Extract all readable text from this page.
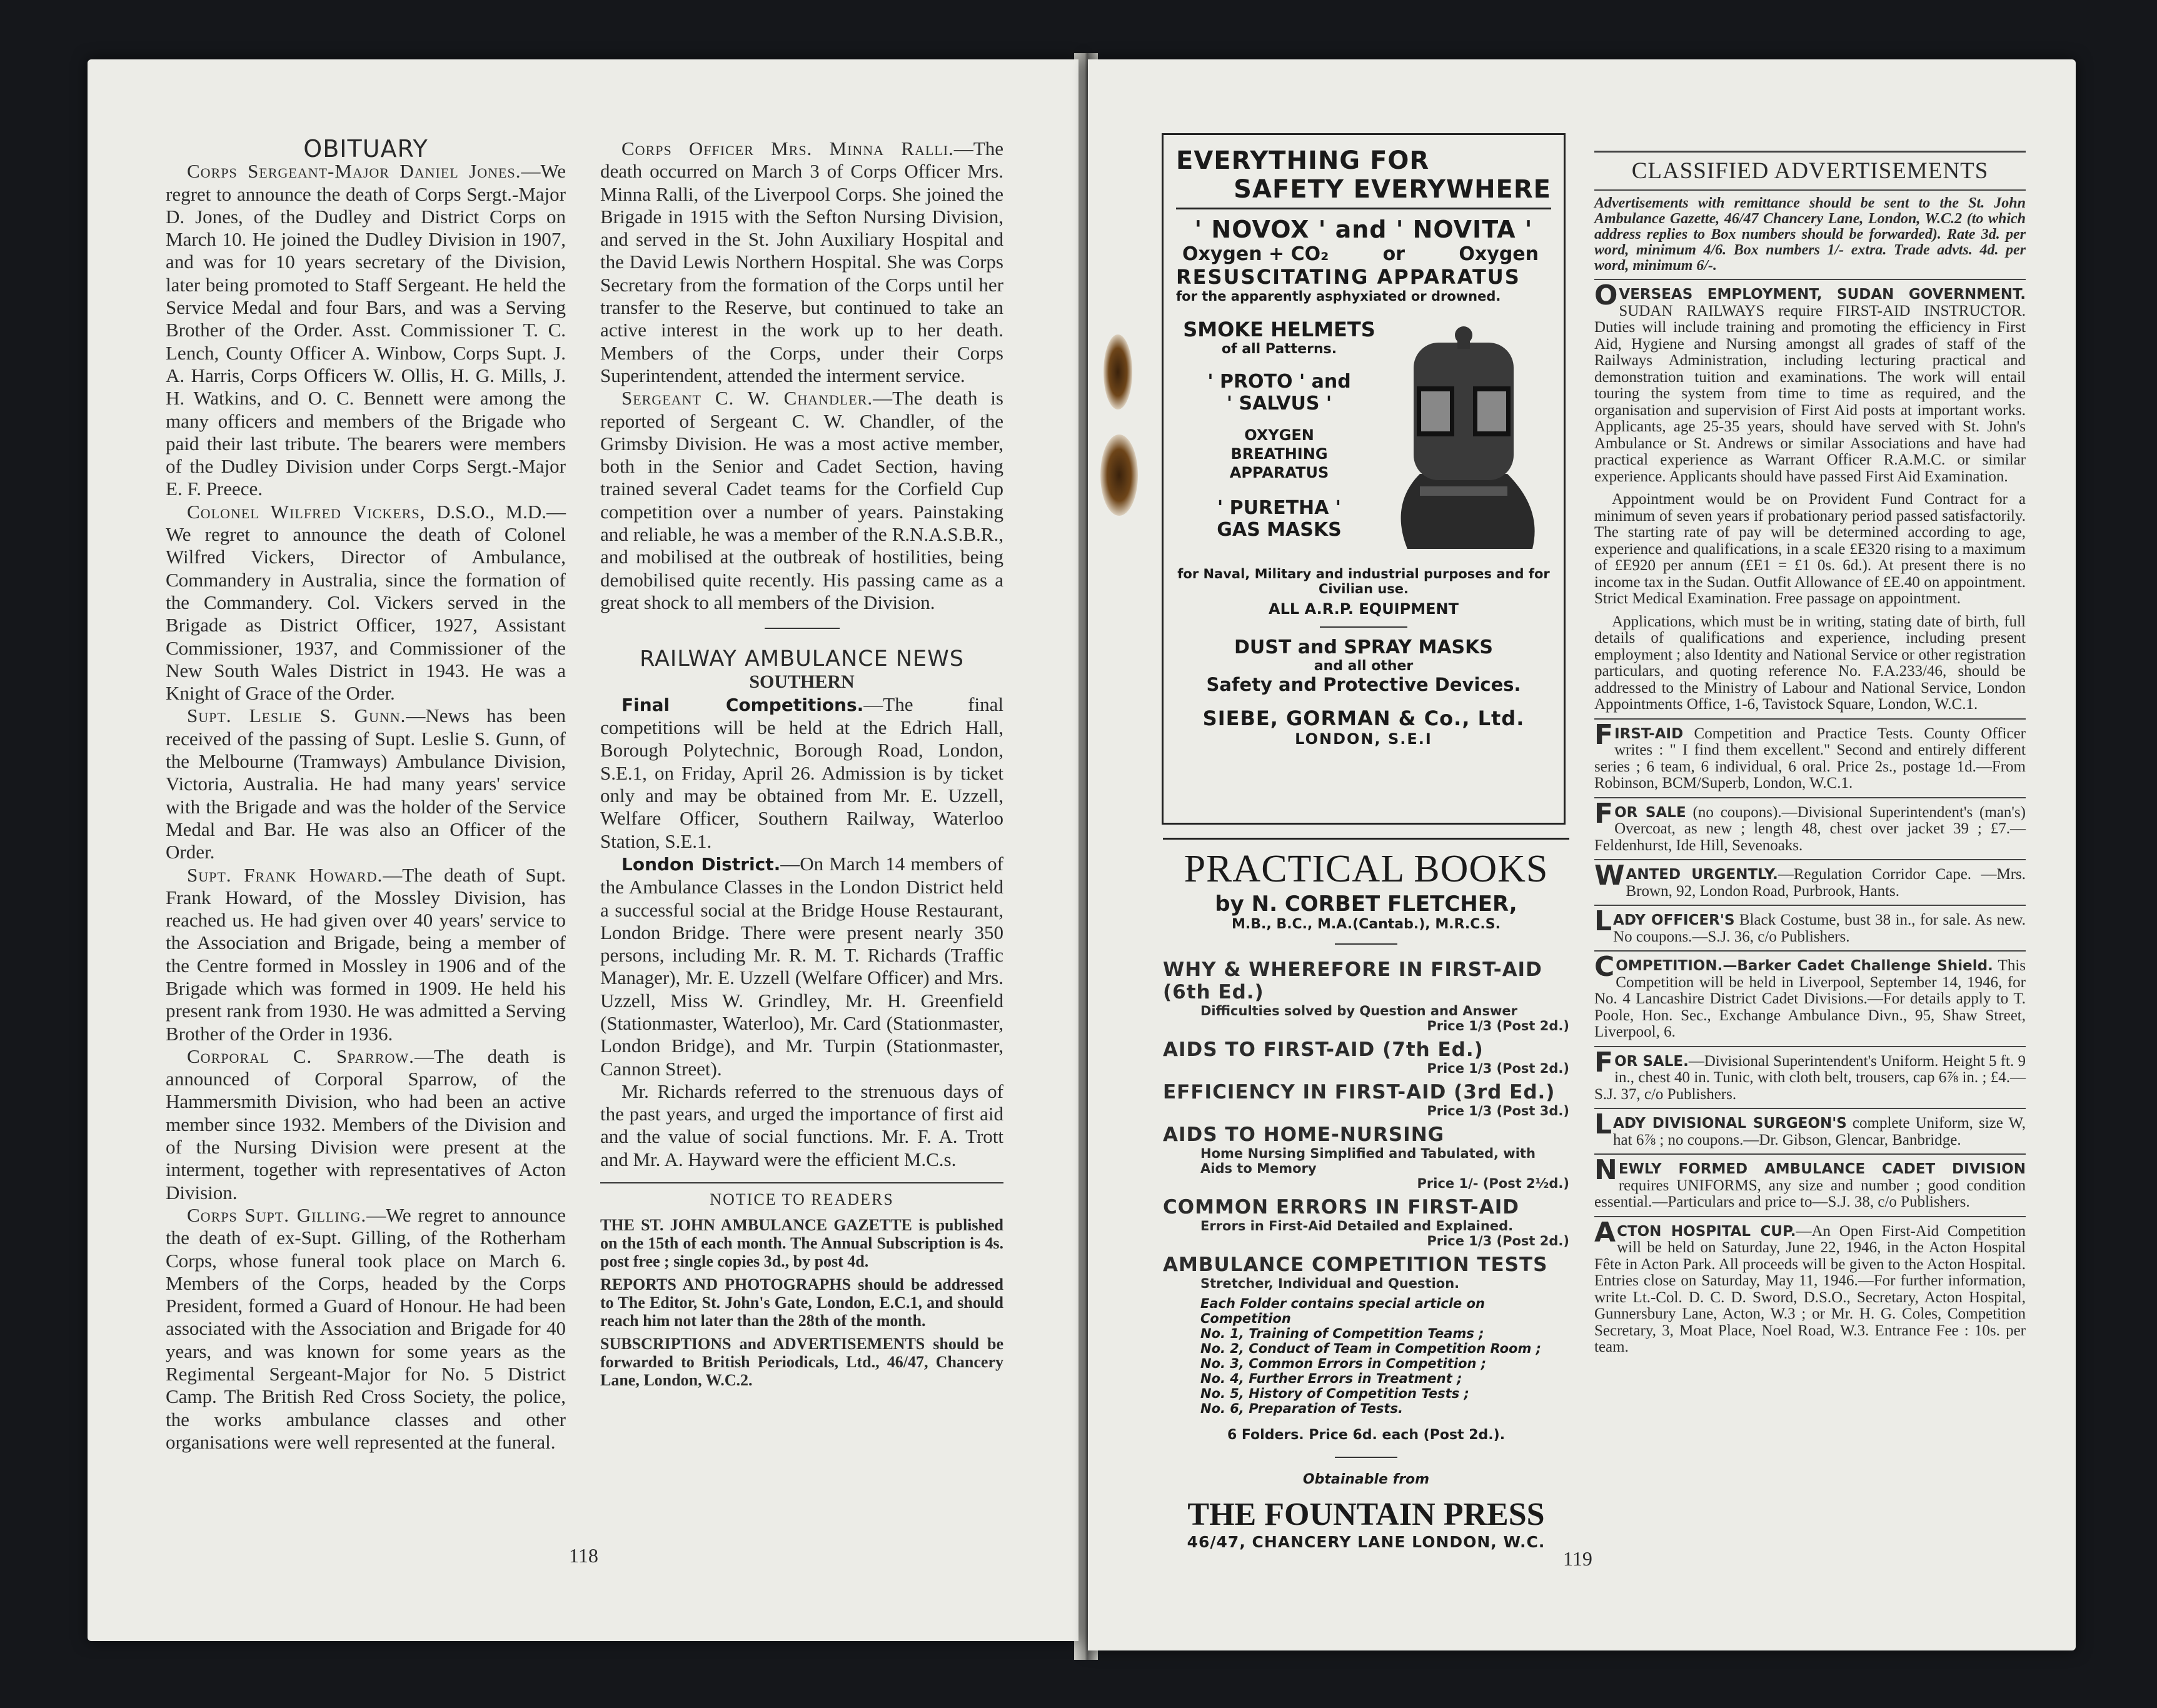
OBITUARY

Corps Sergeant-Major Daniel Jones.—We regret to announce the death of Corps Sergt.-Major D. Jones, of the Dudley and District Corps on March 10. He joined the Dudley Division in 1907, and was for 10 years secretary of the Division, later being promoted to Staff Sergeant. He held the Service Medal and four Bars, and was a Serving Brother of the Order. Asst. Commissioner T. C. Lench, County Officer A. Winbow, Corps Supt. J. A. Harris, Corps Officers W. Ollis, H. G. Mills, J. H. Watkins, and O. C. Bennett were among the many officers and members of the Brigade who paid their last tribute. The bearers were members of the Dudley Division under Corps Sergt.-Major E. F. Preece.

Colonel Wilfred Vickers, D.S.O., M.D.—We regret to announce the death of Colonel Wilfred Vickers, Director of Ambulance, Commandery in Australia, since the formation of the Commandery. Col. Vickers served in the Brigade as District Officer, 1927, Assistant Commissioner, 1937, and Commissioner of the New South Wales District in 1943. He was a Knight of Grace of the Order.

Supt. Leslie S. Gunn.—News has been received of the passing of Supt. Leslie S. Gunn, of the Melbourne (Tramways) Ambulance Division, Victoria, Australia. He had many years' service with the Brigade and was the holder of the Service Medal and Bar. He was also an Officer of the Order.

Supt. Frank Howard.—The death of Supt. Frank Howard, of the Mossley Division, has reached us. He had given over 40 years' service to the Association and Brigade, being a member of the Centre formed in Mossley in 1906 and of the Brigade which was formed in 1909. He held his present rank from 1930. He was admitted a Serving Brother of the Order in 1936.

Corporal C. Sparrow.—The death is announced of Corporal Sparrow, of the Hammersmith Division, who had been an active member since 1932. Members of the Division and of the Nursing Division were present at the interment, together with representatives of Acton Division.

Corps Supt. Gilling.—We regret to announce the death of ex-Supt. Gilling, of the Rotherham Corps, whose funeral took place on March 6. Members of the Corps, headed by the Corps President, formed a Guard of Honour. He had been associated with the Association and Brigade for 40 years, and was known for some years as the Regimental Sergeant-Major for No. 5 District Camp. The British Red Cross Society, the police, the works ambulance classes and other organisations were well represented at the funeral.

Corps Officer Mrs. Minna Ralli.—The death occurred on March 3 of Corps Officer Mrs. Minna Ralli, of the Liverpool Corps. She joined the Brigade in 1915 with the Sefton Nursing Division, and served in the St. John Auxiliary Hospital and the David Lewis Northern Hospital. She was Corps Secretary from the formation of the Corps until her transfer to the Reserve, but continued to take an active interest in the work up to her death. Members of the Corps, under their Corps Superintendent, attended the interment service.

Sergeant C. W. Chandler.—The death is reported of Sergeant C. W. Chandler, of the Grimsby Division. He was a most active member, both in the Senior and Cadet Section, having trained several Cadet teams for the Corfield Cup competition over a number of years. Painstaking and reliable, he was a member of the R.N.A.S.B.R., and mobilised at the outbreak of hostilities, being demobilised quite recently. His passing came as a great shock to all members of the Division.

RAILWAY AMBULANCE NEWS
SOUTHERN

Final Competitions.—The final competitions will be held at the Edrich Hall, Borough Polytechnic, Borough Road, London, S.E.1, on Friday, April 26. Admission is by ticket only and may be obtained from Mr. E. Uzzell, Welfare Officer, Southern Railway, Waterloo Station, S.E.1.

London District.—On March 14 members of the Ambulance Classes in the London District held a successful social at the Bridge House Restaurant, London Bridge. There were present nearly 350 persons, including Mr. R. M. T. Richards (Traffic Manager), Mr. E. Uzzell (Welfare Officer) and Mrs. Uzzell, Miss W. Grindley, Mr. H. Greenfield (Stationmaster, Waterloo), Mr. Card (Stationmaster, London Bridge), and Mr. Turpin (Stationmaster, Cannon Street).

Mr. Richards referred to the strenuous days of the past years, and urged the importance of first aid and the value of social functions. Mr. F. A. Trott and Mr. A. Hayward were the efficient M.C.s.

NOTICE TO READERS

THE ST. JOHN AMBULANCE GAZETTE is published on the 15th of each month. The Annual Subscription is 4s. post free ; single copies 3d., by post 4d.

REPORTS AND PHOTOGRAPHS should be addressed to The Editor, St. John's Gate, London, E.C.1, and should reach him not later than the 28th of the month.

SUBSCRIPTIONS and ADVERTISEMENTS should be forwarded to British Periodicals, Ltd., 46/47, Chancery Lane, London, W.C.2.

118
EVERYTHING FOR
SAFETY EVERYWHERE
' NOVOX ' and ' NOVITA '
Oxygen + CO₂	or	Oxygen
RESUSCITATING APPARATUS
for the apparently asphyxiated or drowned.
SMOKE HELMETS
of all Patterns.
' PROTO ' and
' SALVUS '
OXYGEN
BREATHING
APPARATUS
' PURETHA '
GAS MASKS
for Naval, Military and industrial purposes and for Civilian use.
ALL A.R.P. EQUIPMENT
DUST and SPRAY MASKS
and all other
Safety and Protective Devices.
SIEBE, GORMAN & Co., Ltd.
LONDON, S.E.I
PRACTICAL BOOKS
by N. CORBET FLETCHER,
M.B., B.C., M.A.(Cantab.), M.R.C.S.
WHY & WHEREFORE IN FIRST-AID (6th Ed.)
Difficulties solved by Question and Answer
Price 1/3 (Post 2d.)
AIDS TO FIRST-AID (7th Ed.)
Price 1/3 (Post 2d.)
EFFICIENCY IN FIRST-AID (3rd Ed.)
Price 1/3 (Post 3d.)
AIDS TO HOME-NURSING
Home Nursing Simplified and Tabulated, with Aids to Memory
Price 1/- (Post 2½d.)
COMMON ERRORS IN FIRST-AID
Errors in First-Aid Detailed and Explained.
Price 1/3 (Post 2d.)
AMBULANCE COMPETITION TESTS
Stretcher, Individual and Question.
Each Folder contains special article on Competition
No. 1, Training of Competition Teams ;
No. 2, Conduct of Team in Competition Room ;
No. 3, Common Errors in Competition ;
No. 4, Further Errors in Treatment ;
No. 5, History of Competition Tests ;
No. 6, Preparation of Tests.
6 Folders. Price 6d. each (Post 2d.).
Obtainable from
THE FOUNTAIN PRESS
46/47, CHANCERY LANE LONDON, W.C.
CLASSIFIED ADVERTISEMENTS
Advertisements with remittance should be sent to the St. John Ambulance Gazette, 46/47 Chancery Lane, London, W.C.2 (to which address replies to Box numbers should be forwarded). Rate 3d. per word, minimum 4/6. Box numbers 1/- extra. Trade advts. 4d. per word, minimum 6/-.
OVERSEAS EMPLOYMENT, SUDAN GOVERNMENT. SUDAN RAILWAYS require FIRST-AID INSTRUCTOR. Duties will include training and promoting the efficiency in First Aid, Hygiene and Nursing amongst all grades of staff of the Railways Administration, including lecturing practical and demonstration tuition and examinations. The work will entail touring the system from time to time as required, and the organisation and supervision of First Aid posts at important works. Applicants, age 25-35 years, should have served with St. John's Ambulance or St. Andrews or similar Associations and have had practical experience as Warrant Officer R.A.M.C. or similar experience. Applicants should have passed First Aid Examination.
Appointment would be on Provident Fund Contract for a minimum of seven years if probationary period passed satisfactorily. The starting rate of pay will be determined according to age, experience and qualifications, in a scale £E320 rising to a maximum of £E920 per annum (£E1 = £1 0s. 6d.). At present there is no income tax in the Sudan. Outfit Allowance of £E.40 on appointment. Strict Medical Examination. Free passage on appointment.
Applications, which must be in writing, stating date of birth, full details of qualifications and experience, including present employment ; also Identity and National Service or other registration particulars, and quoting reference No. F.A.233/46, should be addressed to the Ministry of Labour and National Service, London Appointments Office, 1-6, Tavistock Square, London, W.C.1.
FIRST-AID Competition and Practice Tests. County Officer writes : " I find them excellent." Second and entirely different series ; 6 team, 6 individual, 6 oral. Price 2s., postage 1d.—From Robinson, BCM/Superb, London, W.C.1.
FOR SALE (no coupons).—Divisional Superintendent's (man's) Overcoat, as new ; length 48, chest over jacket 39 ; £7.—Feldenhurst, Ide Hill, Sevenoaks.
WANTED URGENTLY.—Regulation Corridor Cape. —Mrs. Brown, 92, London Road, Purbrook, Hants.
LADY OFFICER'S Black Costume, bust 38 in., for sale. As new. No coupons.—S.J. 36, c/o Publishers.
COMPETITION.—Barker Cadet Challenge Shield. This Competition will be held in Liverpool, September 14, 1946, for No. 4 Lancashire District Cadet Divisions.—For details apply to T. Poole, Hon. Sec., Exchange Ambulance Divn., 95, Shaw Street, Liverpool, 6.
FOR SALE.—Divisional Superintendent's Uniform. Height 5 ft. 9 in., chest 40 in. Tunic, with cloth belt, trousers, cap 6⅞ in. ; £4.—S.J. 37, c/o Publishers.
LADY DIVISIONAL SURGEON'S complete Uniform, size W, hat 6⅞ ; no coupons.—Dr. Gibson, Glencar, Banbridge.
NEWLY FORMED AMBULANCE CADET DIVISION requires UNIFORMS, any size and number ; good condition essential.—Particulars and price to—S.J. 38, c/o Publishers.
ACTON HOSPITAL CUP.—An Open First-Aid Competition will be held on Saturday, June 22, 1946, in the Acton Hospital Fête in Acton Park. All proceeds will be given to the Acton Hospital. Entries close on Saturday, May 11, 1946.—For further information, write Lt.-Col. D. C. D. Sword, D.S.O., Secretary, Acton Hospital, Gunnersbury Lane, Acton, W.3 ; or Mr. H. G. Coles, Competition Secretary, 3, Moat Place, Noel Road, W.3. Entrance Fee : 10s. per team.
119
